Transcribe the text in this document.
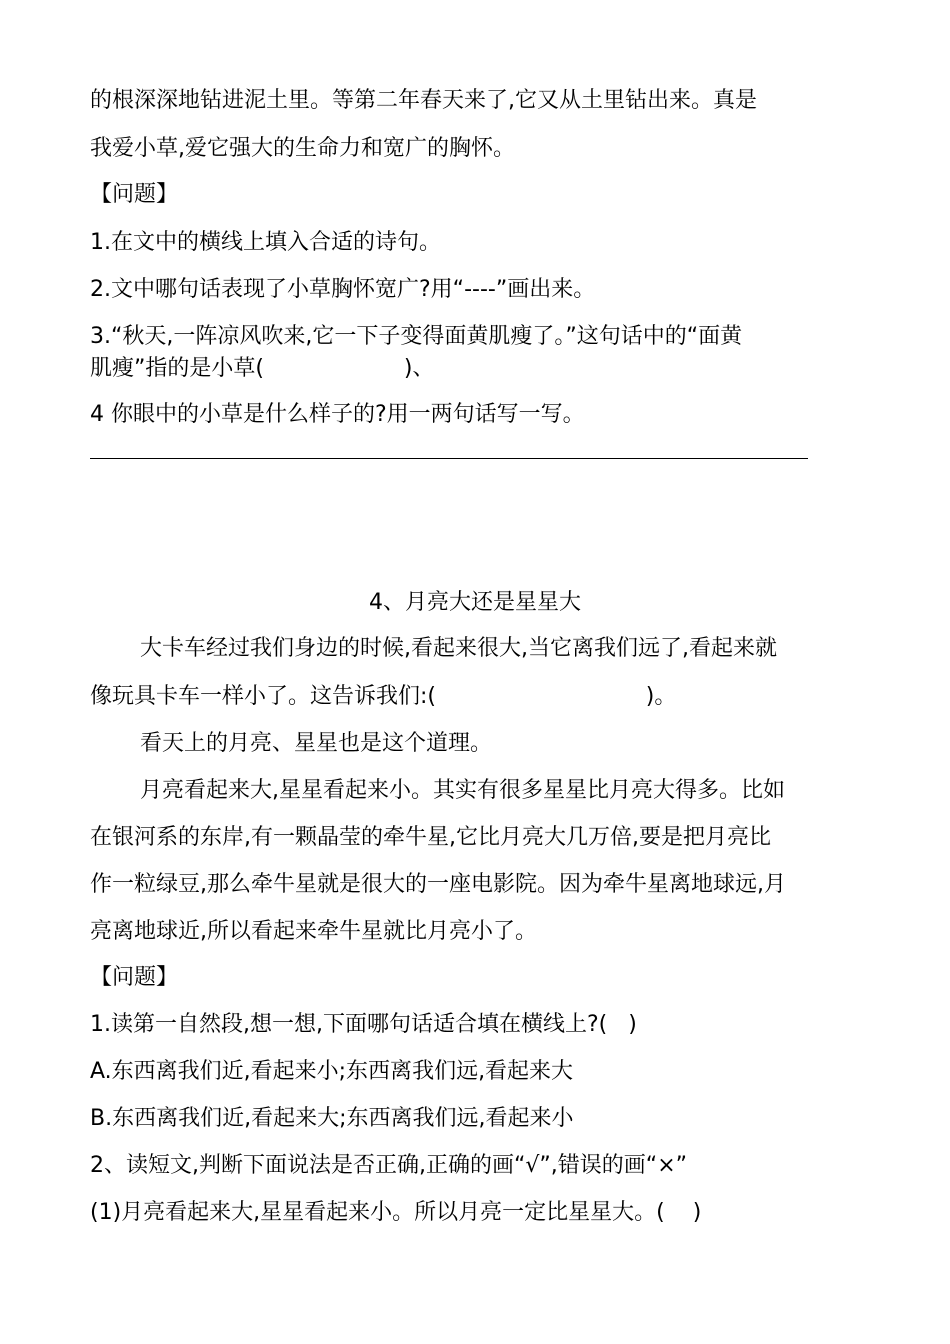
的根深深地钻进泥土里。等第二年春天来了,它又从土里钻出来。真是
我爱小草,爱它强大的生命力和宽广的胸怀。
【问题】
1.在文中的横线上填入合适的诗句。
2.文中哪句话表现了小草胸怀宽广?用“----”画出来。
3.“秋天,一阵凉风吹来,它一下子变得面黄肌瘦了。”这句话中的“面黄
肌瘦”指的是小草(                    )、
4 你眼中的小草是什么样子的?用一两句话写一写。
4、月亮大还是星星大
大卡车经过我们身边的时候,看起来很大,当它离我们远了,看起来就
像玩具卡车一样小了。这告诉我们:(                              )。
看天上的月亮、星星也是这个道理。
月亮看起来大,星星看起来小。其实有很多星星比月亮大得多。比如
在银河系的东岸,有一颗晶莹的牵牛星,它比月亮大几万倍,要是把月亮比
作一粒绿豆,那么牵牛星就是很大的一座电影院。因为牵牛星离地球远,月
亮离地球近,所以看起来牵牛星就比月亮小了。
【问题】
1.读第一自然段,想一想,下面哪句话适合填在横线上?(   )
A.东西离我们近,看起来小;东西离我们远,看起来大
B.东西离我们近,看起来大;东西离我们远,看起来小
2、读短文,判断下面说法是否正确,正确的画“√”,错误的画“×”
(1)月亮看起来大,星星看起来小。所以月亮一定比星星大。(    )
